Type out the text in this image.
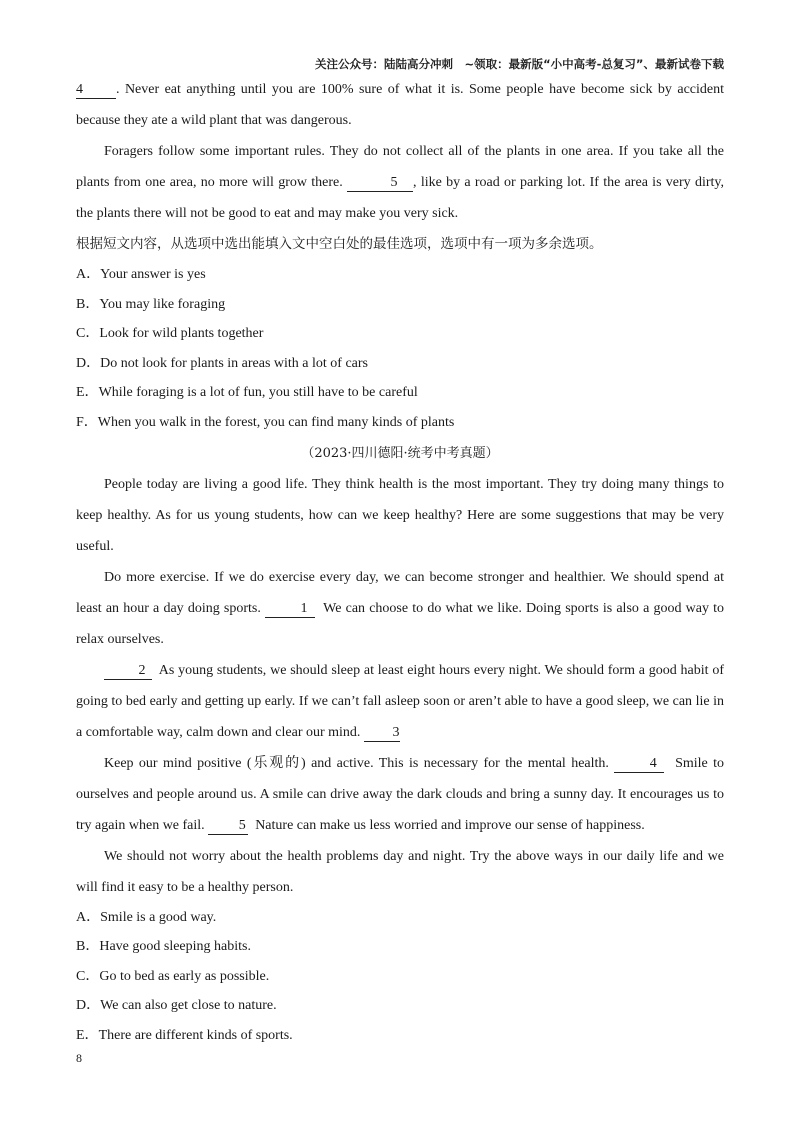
关注公众号：陆陆高分冲刺　~领取：最新版“小中高考-总复习”、最新试卷下载

4 . Never eat anything until you are 100% sure of what it is. Some people have become sick by accident because they ate a wild plant that was dangerous.

Foragers follow some important rules. They do not collect all of the plants in one area. If you take all the plants from one area, no more will grow there.	5 , like by a road or parking lot. If the area is very dirty, the plants there will not be good to eat and may make you very sick.

根据短文内容，从选项中选出能填入文中空白处的最佳选项，选项中有一项为多余选项。

A．Your answer is yes

B．You may like foraging

C．Look for wild plants together

D．Do not look for plants in areas with a lot of cars

E．While foraging is a lot of fun, you still have to be careful

F．When you walk in the forest, you can find many kinds of plants

（2023·四川德阳·统考中考真题）

People today are living a good life. They think health is the most important. They try doing many things to keep healthy. As for us young students, how can we keep healthy? Here are some suggestions that may be very useful.

Do more exercise. If we do exercise every day, we can become stronger and healthier. We should spend at least an hour a day doing sports.	1 We can choose to do what we like. Doing sports is also a good way to relax ourselves.

2 As young students, we should sleep at least eight hours every night. We should form a good habit of going to bed early and getting up early. If we can’t fall asleep soon or aren’t able to have a good sleep, we can lie in a comfortable way, calm down and clear our mind. 3

Keep our mind positive (乐观的) and active. This is necessary for the mental health.	4 Smile to ourselves and people around us. A smile can drive away the dark clouds and bring a sunny day. It encourages us to try again when we fail. 5 Nature can make us less worried and improve our sense of happiness.

We should not worry about the health problems day and night. Try the above ways in our daily life and we will find it easy to be a healthy person.

A．Smile is a good way.

B．Have good sleeping habits.

C．Go to bed as early as possible.

D．We can also get close to nature.

E．There are different kinds of sports.

8
